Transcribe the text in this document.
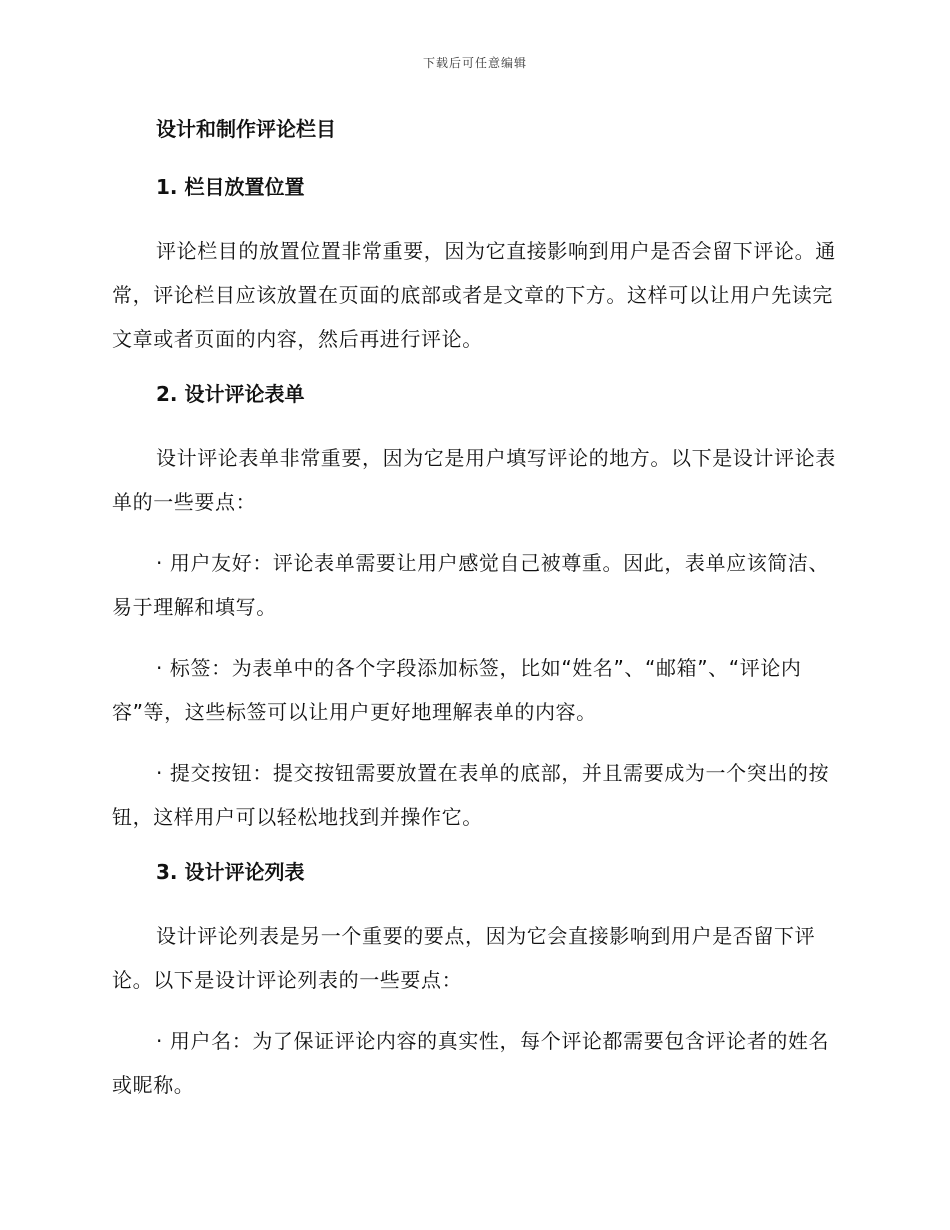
下载后可任意编辑
设计和制作评论栏目
1. 栏目放置位置
评论栏目的放置位置非常重要，因为它直接影响到用户是否会留下评论。通常，评论栏目应该放置在页面的底部或者是文章的下方。这样可以让用户先读完文章或者页面的内容，然后再进行评论。
2. 设计评论表单
设计评论表单非常重要，因为它是用户填写评论的地方。以下是设计评论表单的一些要点：
· 用户友好：评论表单需要让用户感觉自己被尊重。因此，表单应该简洁、易于理解和填写。
· 标签：为表单中的各个字段添加标签，比如“姓名”、“邮箱”、“评论内容”等，这些标签可以让用户更好地理解表单的内容。
· 提交按钮：提交按钮需要放置在表单的底部，并且需要成为一个突出的按钮，这样用户可以轻松地找到并操作它。
3. 设计评论列表
设计评论列表是另一个重要的要点，因为它会直接影响到用户是否留下评论。以下是设计评论列表的一些要点：
· 用户名：为了保证评论内容的真实性，每个评论都需要包含评论者的姓名或昵称。
